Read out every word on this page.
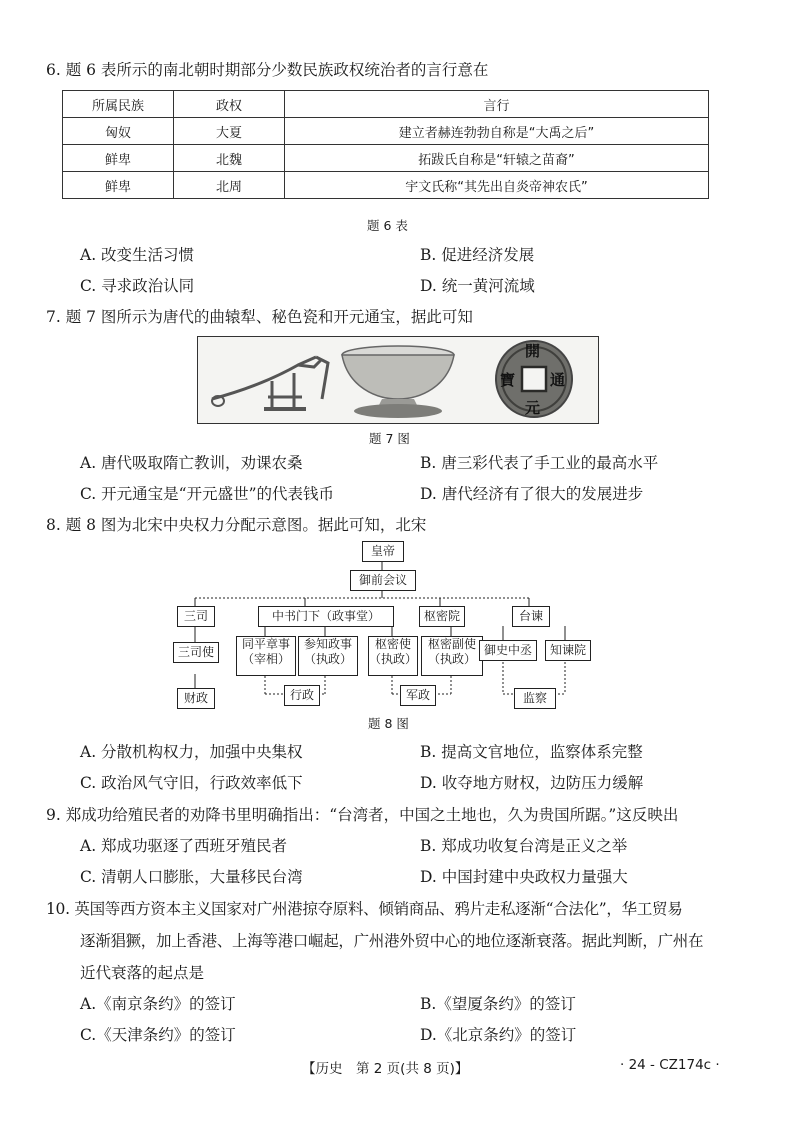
6. 题 6 表所示的南北朝时期部分少数民族政权统治者的言行意在
所属民族	政权	言行
匈奴	大夏	建立者赫连勃勃自称是“大禹之后”
鲜卑	北魏	拓跋氏自称是“轩辕之苗裔”
鲜卑	北周	宇文氏称“其先出自炎帝神农氏”
题 6 表
A. 改变生活习惯	B. 促进经济发展
C. 寻求政治认同	D. 统一黄河流域
7. 题 7 图所示为唐代的曲辕犁、秘色瓷和开元通宝，据此可知
開
元
通
寶
题 7 图
A. 唐代吸取隋亡教训，劝课农桑	B. 唐三彩代表了手工业的最高水平
C. 开元通宝是“开元盛世”的代表钱币	D. 唐代经济有了很大的发展进步
8. 题 8 图为北宋中央权力分配示意图。据此可知，北宋
皇帝
御前会议
三司	中书门下（政事堂）	枢密院	台谏
三司使
同平章事
（宰相）
参知政事
（执政）
枢密使
（执政）
枢密副使
（执政）
御史中丞	知谏院
财政	行政	军政	监察
题 8 图
A. 分散机构权力，加强中央集权	B. 提高文官地位，监察体系完整
C. 政治风气守旧，行政效率低下	D. 收夺地方财权，边防压力缓解
9. 郑成功给殖民者的劝降书里明确指出：“台湾者，中国之土地也，久为贵国所踞。”这反映出
A. 郑成功驱逐了西班牙殖民者	B. 郑成功收复台湾是正义之举
C. 清朝人口膨胀，大量移民台湾	D. 中国封建中央政权力量强大
10. 英国等西方资本主义国家对广州港掠夺原料、倾销商品、鸦片走私逐渐“合法化”，华工贸易
逐渐猖獗，加上香港、上海等港口崛起，广州港外贸中心的地位逐渐衰落。据此判断，广州在
近代衰落的起点是
A.《南京条约》的签订	B.《望厦条约》的签订
C.《天津条约》的签订	D.《北京条约》的签订
【历史　第 2 页(共 8 页)】	· 24 - CZ174c ·
